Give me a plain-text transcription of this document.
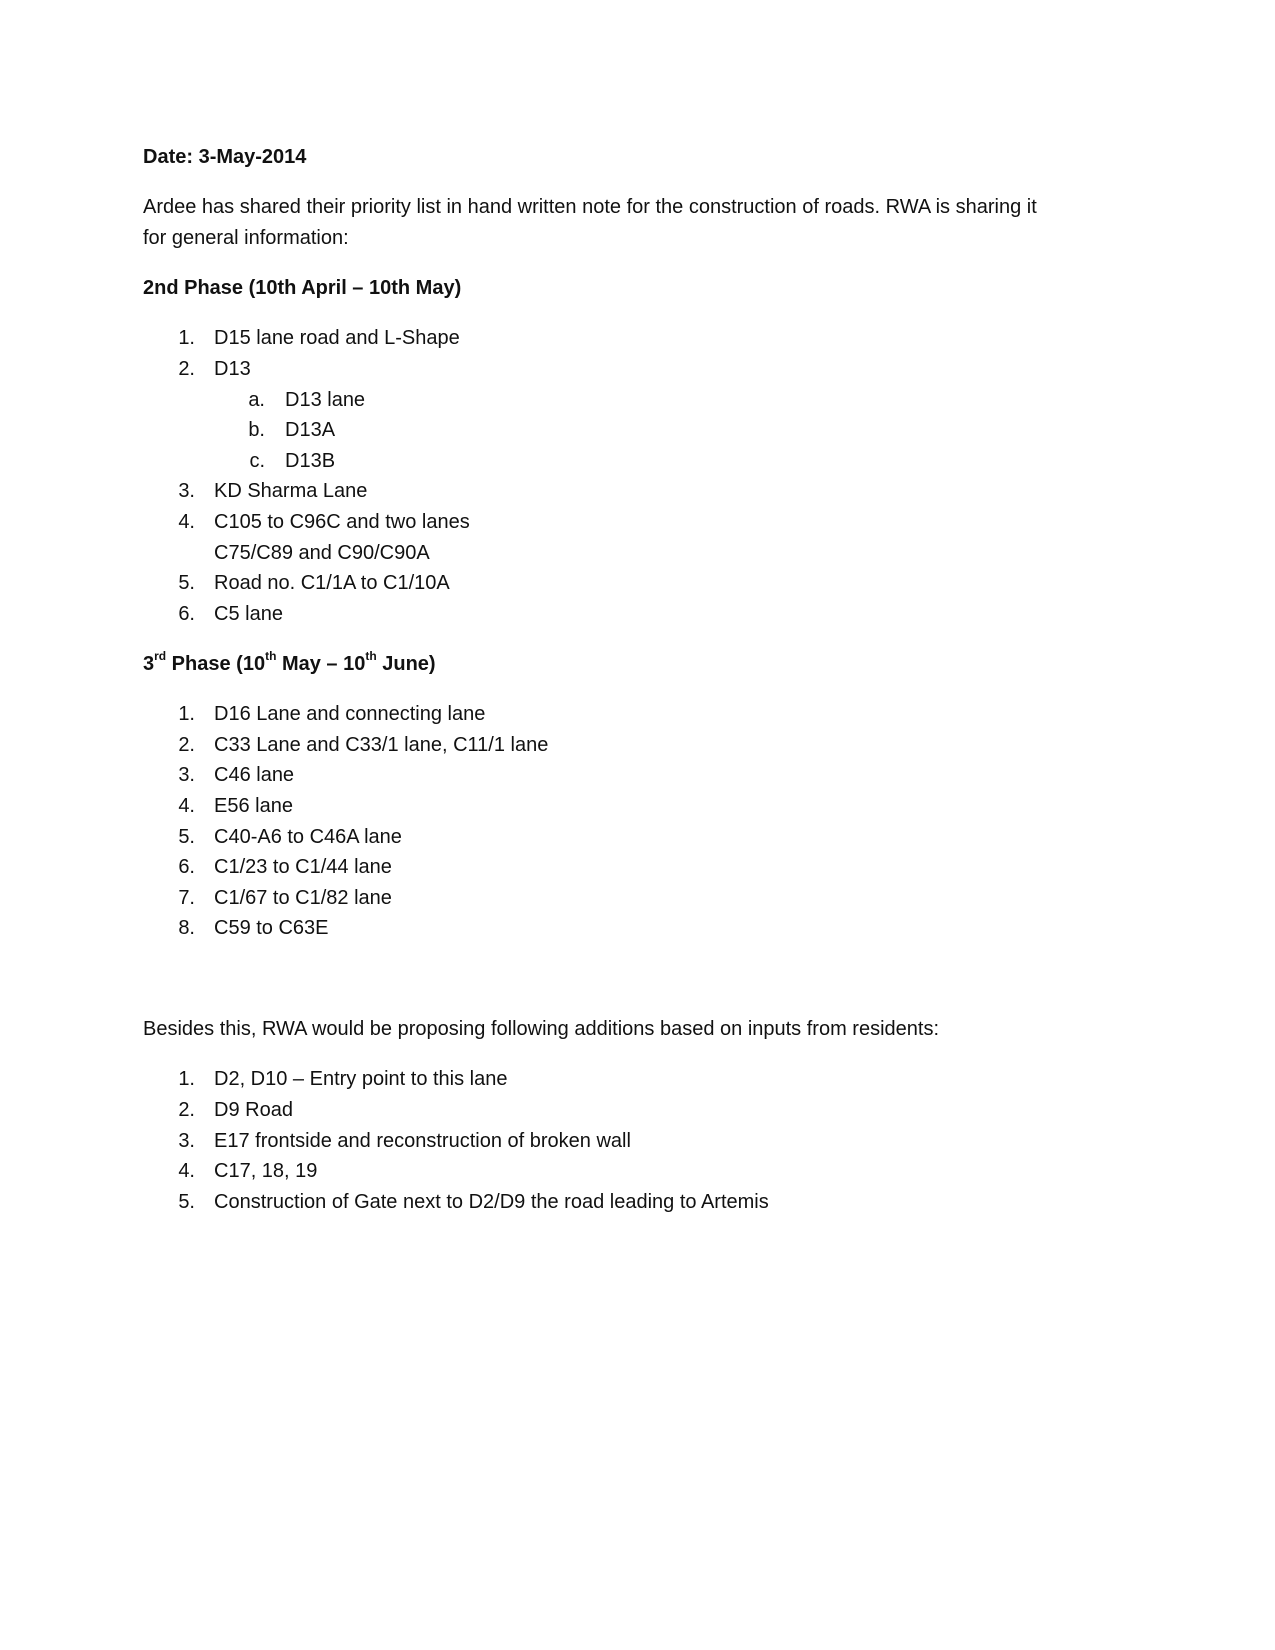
Date: 3-May-2014

Ardee has shared their priority list in hand written note for the construction of roads. RWA is sharing it

for general information:

2nd Phase (10th April – 10th May)

1. D15 lane road and L-Shape
2. D13
a. D13 lane
b. D13A
c. D13B
3. KD Sharma Lane
4. C105 to C96C and two lanes
C75/C89 and C90/C90A
5. Road no. C1/1A to C1/10A
6. C5 lane

3rd Phase (10th May – 10th June)

1. D16 Lane and connecting lane
2. C33 Lane and C33/1 lane, C11/1 lane
3. C46 lane
4. E56 lane
5. C40-A6 to C46A lane
6. C1/23 to C1/44 lane
7. C1/67 to C1/82 lane
8. C59 to C63E

Besides this, RWA would be proposing following additions based on inputs from residents:

1. D2, D10 – Entry point to this lane
2. D9 Road
3. E17 frontside and reconstruction of broken wall
4. C17, 18, 19
5. Construction of Gate next to D2/D9 the road leading to Artemis
